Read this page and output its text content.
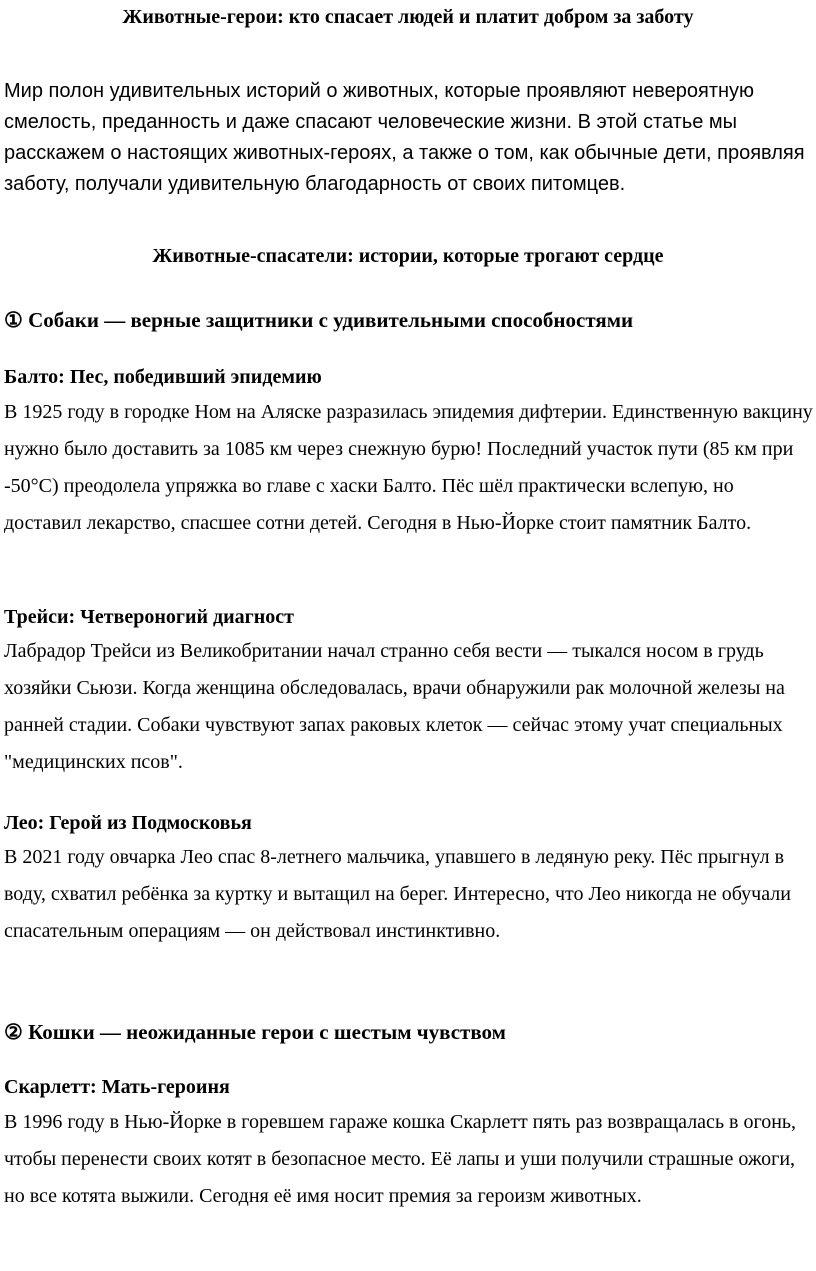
Животные-герои: кто спасает людей и платит добром за заботу

Мир полон удивительных историй о животных, которые проявляют невероятную смелость, преданность и даже спасают человеческие жизни. В этой статье мы расскажем о настоящих животных-героях, а также о том, как обычные дети, проявляя заботу, получали удивительную благодарность от своих питомцев.

Животные-спасатели: истории, которые трогают сердце
① Собаки — верные защитники с удивительными способностями
Балто: Пес, победивший эпидемию

В 1925 году в городке Ном на Аляске разразилась эпидемия дифтерии. Единственную вакцину нужно было доставить за 1085 км через снежную бурю! Последний участок пути (85 км при -50°C) преодолела упряжка во главе с хаски Балто. Пёс шёл практически вслепую, но доставил лекарство, спасшее сотни детей. Сегодня в Нью-Йорке стоит памятник Балто.

Трейси: Четвероногий диагност

Лабрадор Трейси из Великобритании начал странно себя вести — тыкался носом в грудь хозяйки Сьюзи. Когда женщина обследовалась, врачи обнаружили рак молочной железы на ранней стадии. Собаки чувствуют запах раковых клеток — сейчас этому учат специальных "медицинских псов".

Лео: Герой из Подмосковья

В 2021 году овчарка Лео спас 8-летнего мальчика, упавшего в ледяную реку. Пёс прыгнул в воду, схватил ребёнка за куртку и вытащил на берег. Интересно, что Лео никогда не обучали спасательным операциям — он действовал инстинктивно.

② Кошки — неожиданные герои с шестым чувством
Скарлетт: Мать-героиня

В 1996 году в Нью-Йорке в горевшем гараже кошка Скарлетт пять раз возвращалась в огонь, чтобы перенести своих котят в безопасное место. Её лапы и уши получили страшные ожоги, но все котята выжили. Сегодня её имя носит премия за героизм животных.
